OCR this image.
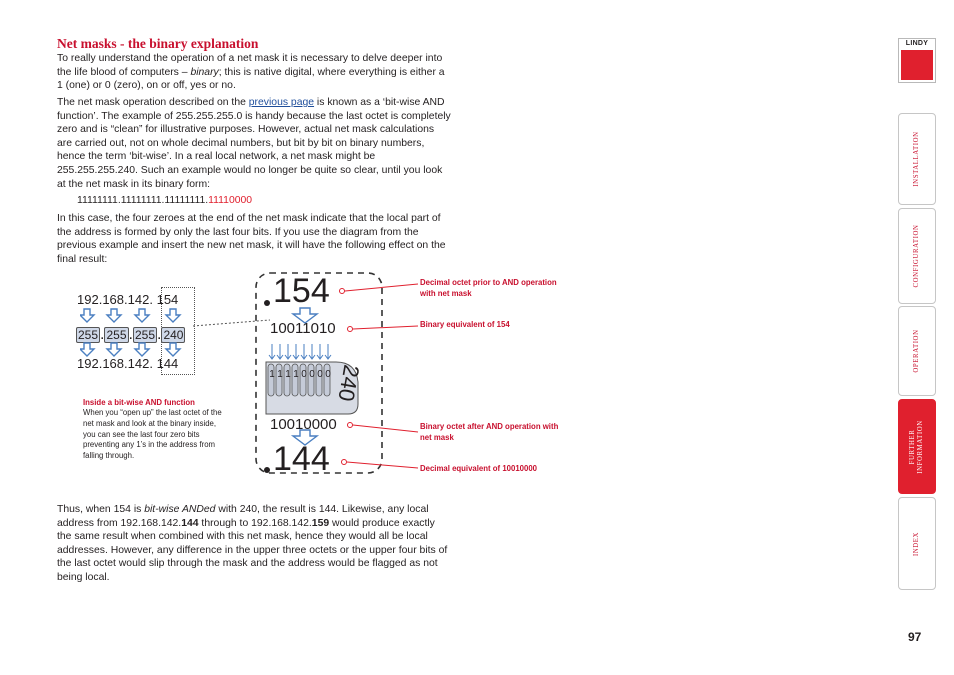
Net masks - the binary explanation

To really understand the operation of a net mask it is necessary to delve deeper into the life blood of computers – binary; this is native digital, where everything is either a 1 (one) or 0 (zero), on or off, yes or no.

The net mask operation described on the previous page is known as a ‘bit-wise AND function’. The example of 255.255.255.0 is handy because the last octet is completely zero and is “clean” for illustrative purposes. However, actual net mask calculations are carried out, not on whole decimal numbers, but bit by bit on binary numbers, hence the term ‘bit-wise’. In a real local network, a net mask might be 255.255.255.240. Such an example would no longer be quite so clear, until you look at the net mask in its binary form:

11111111.11111111.11111111.11110000

In this case, the four zeroes at the end of the net mask indicate that the local part of the address is formed by only the last four bits. If you use the diagram from the previous example and insert the new net mask, it will have the following effect on the final result:

192.168.142. 154
255 . 255 . 255 . 240
192.168.142. 144
Inside a bit-wise AND function
When you “open up” the last octet of the net mask and look at the binary inside, you can see the last four zero bits preventing any 1’s in the address from falling through.
154
10011010
1 1 1 1 0 0 0 0 240
10010000
144
Decimal octet prior to AND operation with net mask
Binary equivalent of 154
Binary octet after AND operation with net mask
Decimal equivalent of 10010000

Thus, when 154 is bit-wise ANDed with 240, the result is 144. Likewise, any local address from 192.168.142.144 through to 192.168.142.159 would produce exactly the same result when combined with this net mask, hence they would all be local addresses. However, any difference in the upper three octets or the upper four bits of the last octet would slip through the mask and the address would be flagged as not being local.

LINDY
INSTALLATION
CONFIGURATION
OPERATION
FURTHER INFORMATION
INDEX
97
